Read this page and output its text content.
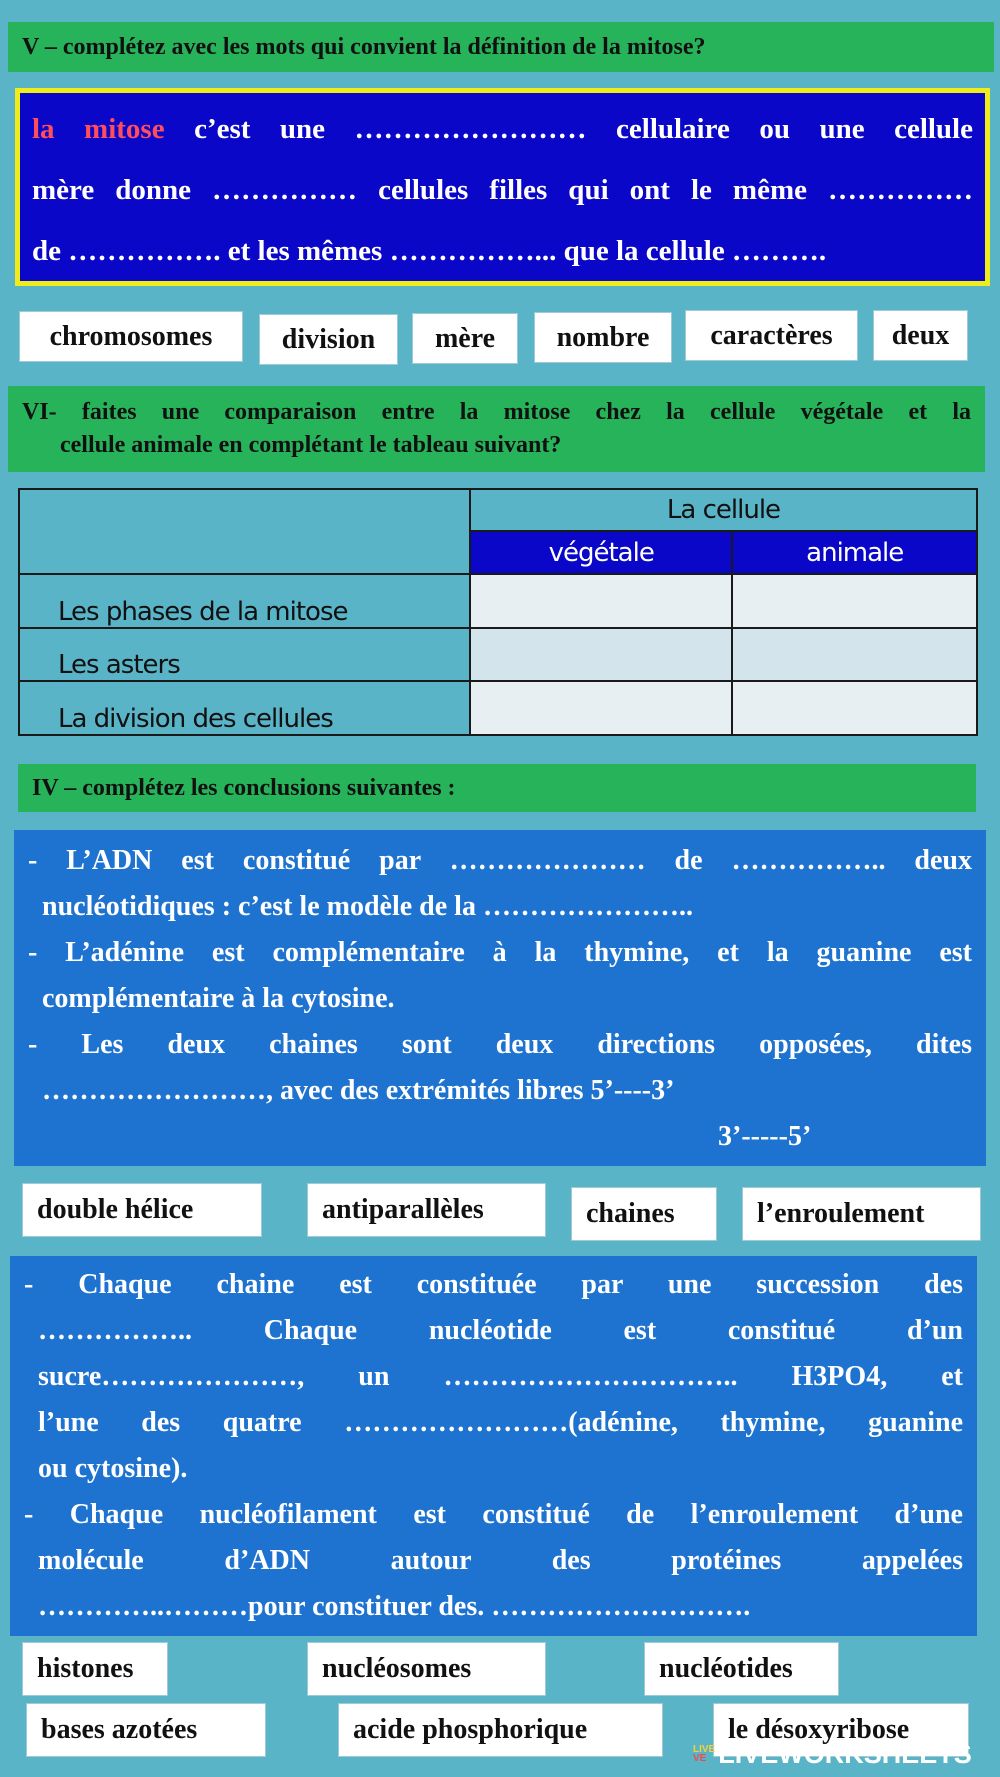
V – complétez avec les mots qui convient la définition de la mitose?
la mitose c’est une …………………… cellulaire ou une cellule
mère donne …………… cellules filles qui ont le même ……………
de ……………. et les mêmes ……………... que la cellule ……….
chromosomes	division	mère	nombre	caractères	deux
VI- faites une comparaison entre la mitose chez la cellule végétale et la
cellule animale en complétant le tableau suivant?
	La cellule	
	végétale	animale
Les phases de la mitose		
Les asters		
La division des cellules		
IV – complétez les conclusions suivantes :
- L’ADN est constitué par ………………… de …………….. deux
nucléotidiques : c’est le modèle de la …………………..
- L’adénine est complémentaire à la thymine, et la guanine est
complémentaire à la cytosine.
- Les deux chaines sont deux directions opposées, dites
……………………, avec des extrémités libres 5’----3’
3’-----5’
double hélice	antiparallèles	chaines	l’enroulement
- Chaque chaine est constituée par une succession des
…………….. Chaque nucléotide est constitué d’un
sucre…………………, un ………………………….. H3PO4, et
l’une des quatre ……………………(adénine, thymine, guanine
ou cytosine).
- Chaque nucléofilament est constitué de l’enroulement d’une
molécule d’ADN autour des protéines appelées
…………..………pour constituer des. ……………………….
histones	nucléosomes	nucléotides
bases azotées	acide phosphorique	le désoxyribose
LIVE
VE LIVEWORKSHEETS
